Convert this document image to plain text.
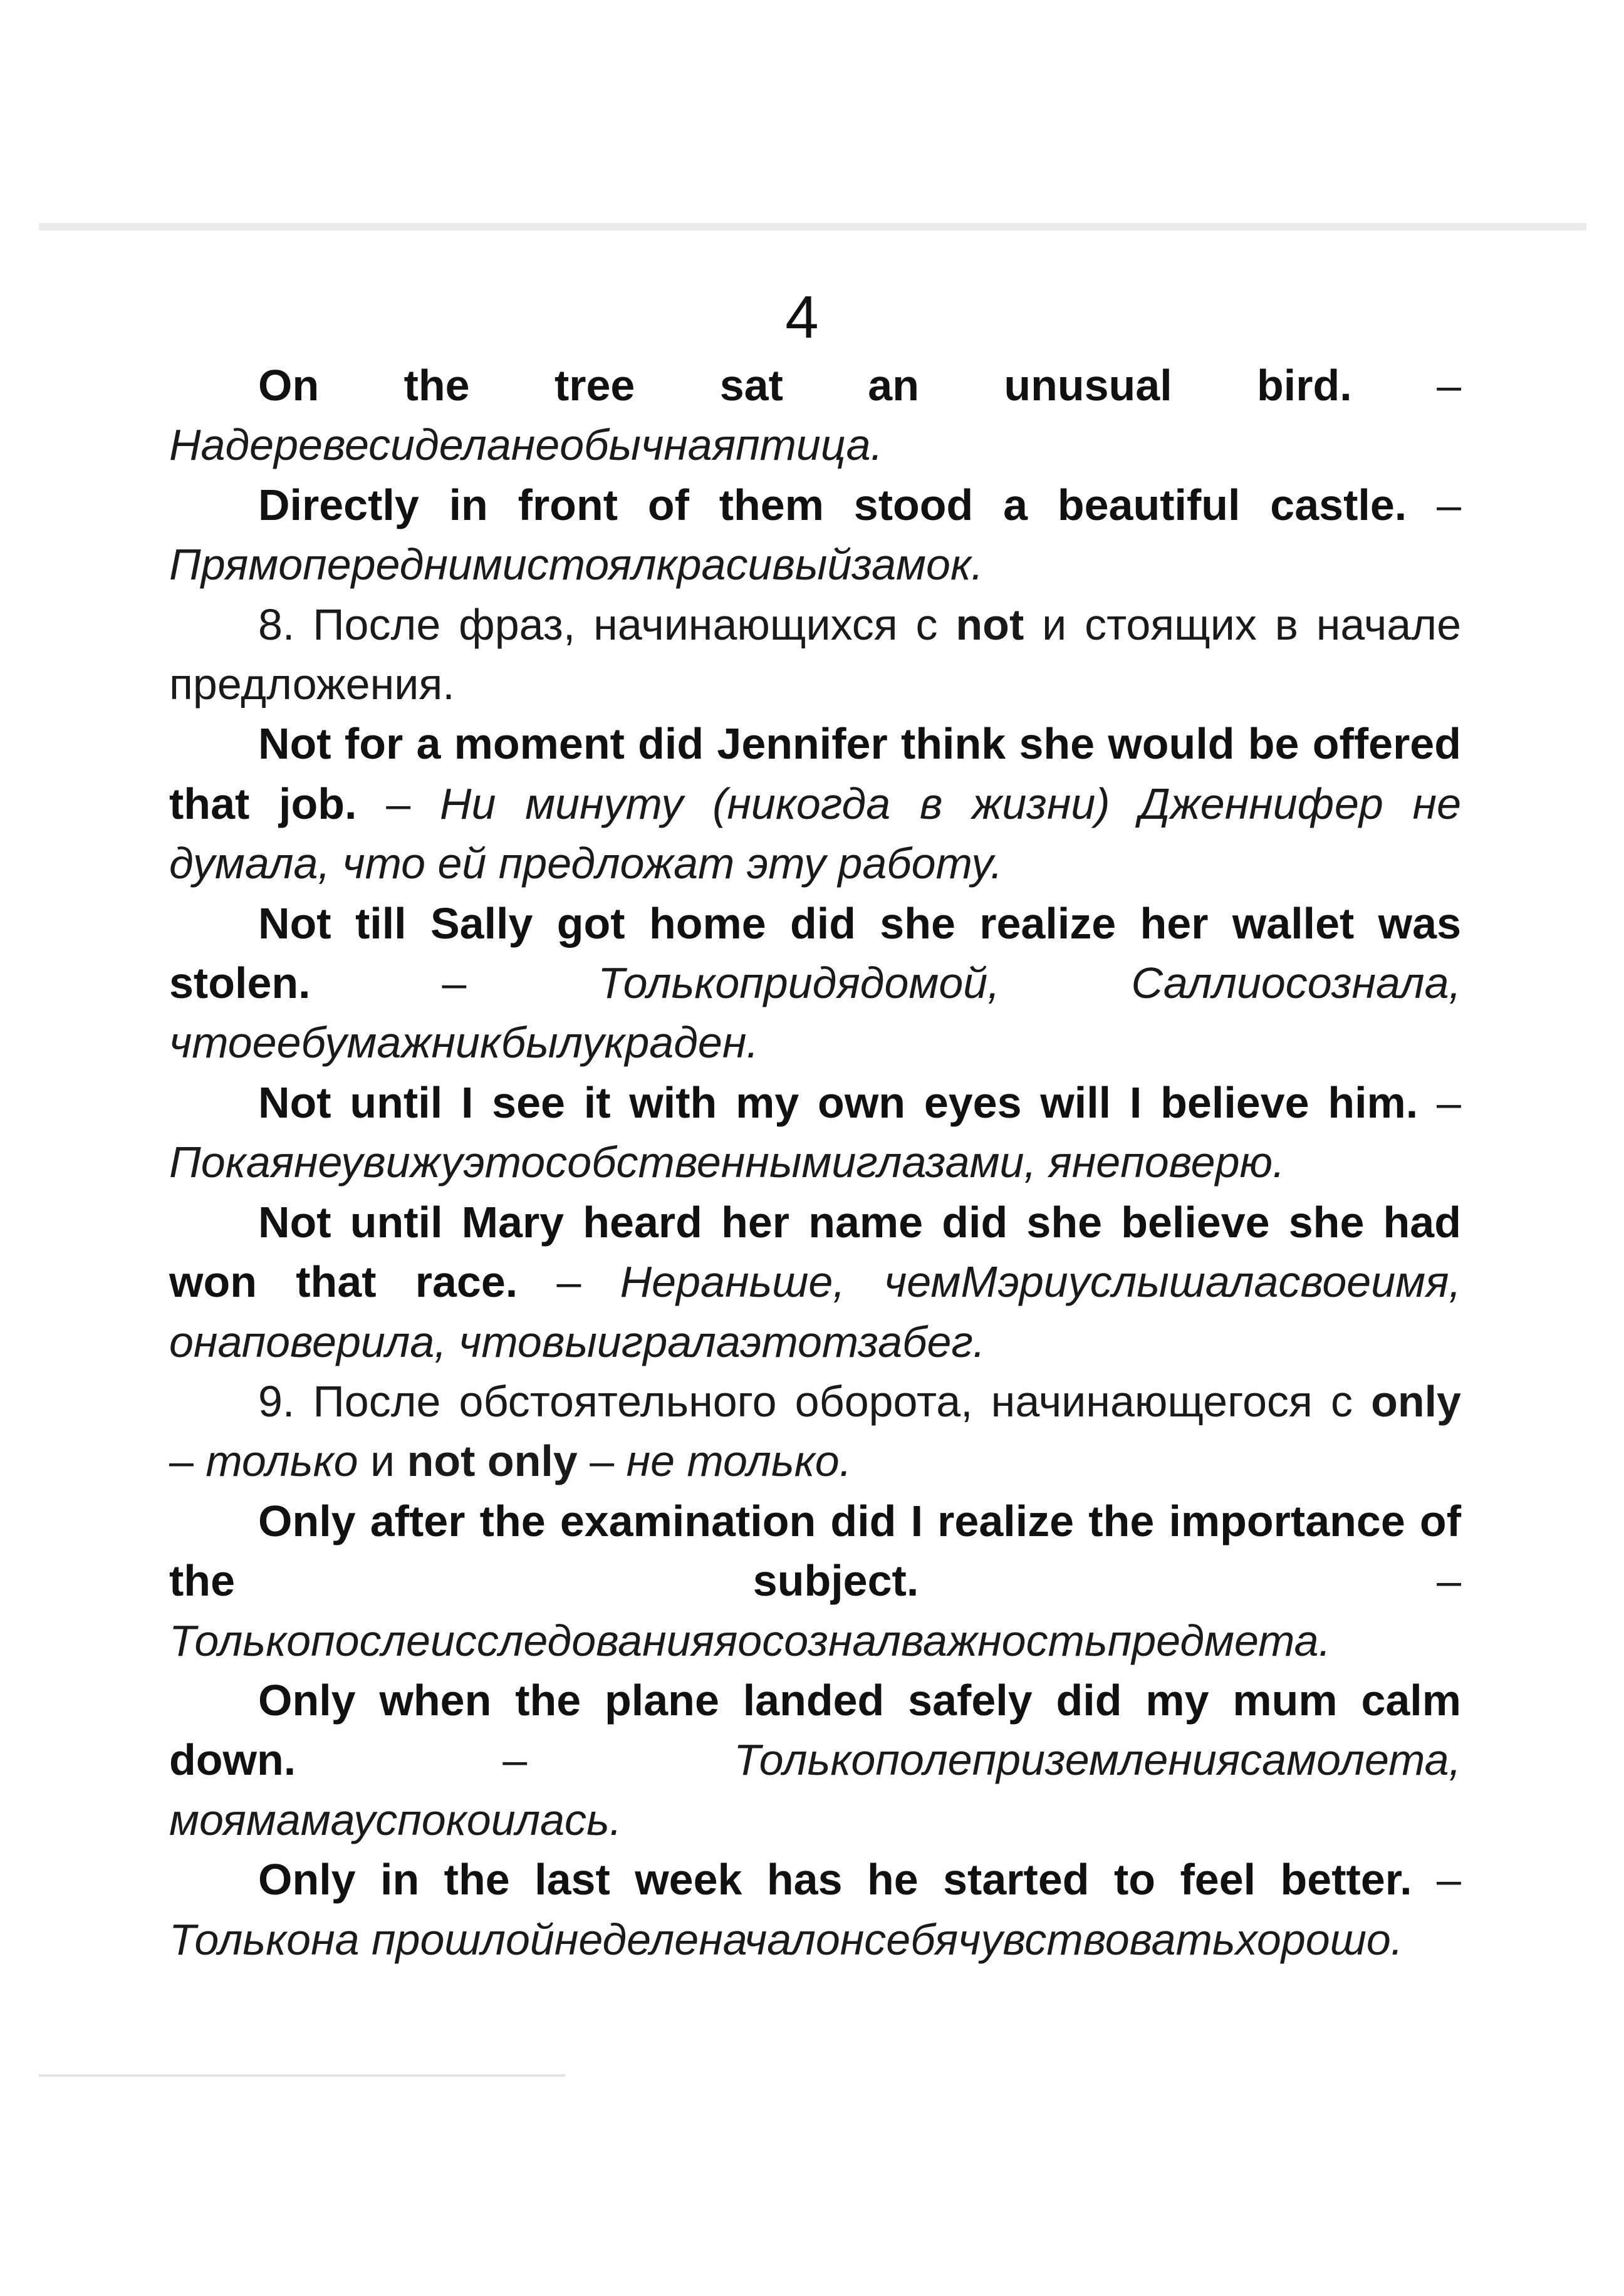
4

On the tree sat an unusual bird. – Надеревесиделанеобычнаяптица.

Directly in front of them stood a beautiful castle. – Прямопереднимистоялкрасивыйзамок.

8. После фраз, начинающихся с not и стоящих в начале предложения.

Not for a moment did Jennifer think she would be offered that job. – Ни минуту (никогда в жизни) Дженнифер не думала, что ей предложат эту работу.

Not till Sally got home did she realize her wallet was stolen. – Толькопридядомой, Саллиосознала, чтоеебумажникбылукраден.

Not until I see it with my own eyes will I believe him. – Покаянеувижуэтособственнымиглазами, янеповерю.

Not until Mary heard her name did she believe she had won that race. – Нераньше, чемМэриуслышаласвоеимя, онаповерила, чтовыигралаэтотзабег.

9. После обстоятельного оборота, начинающегося с only – только и not only – не только.

Only after the examination did I realize the importance of the subject. – Толькопослеисследованияяосозналважностьпредмета.

Only when the plane landed safely did my mum calm down. – Толькополеприземлениясамолета, моямамауспокоилась.

Only in the last week has he started to feel better. – Толькона прошлойнеделеначалонсебячувствоватьхорошо.
